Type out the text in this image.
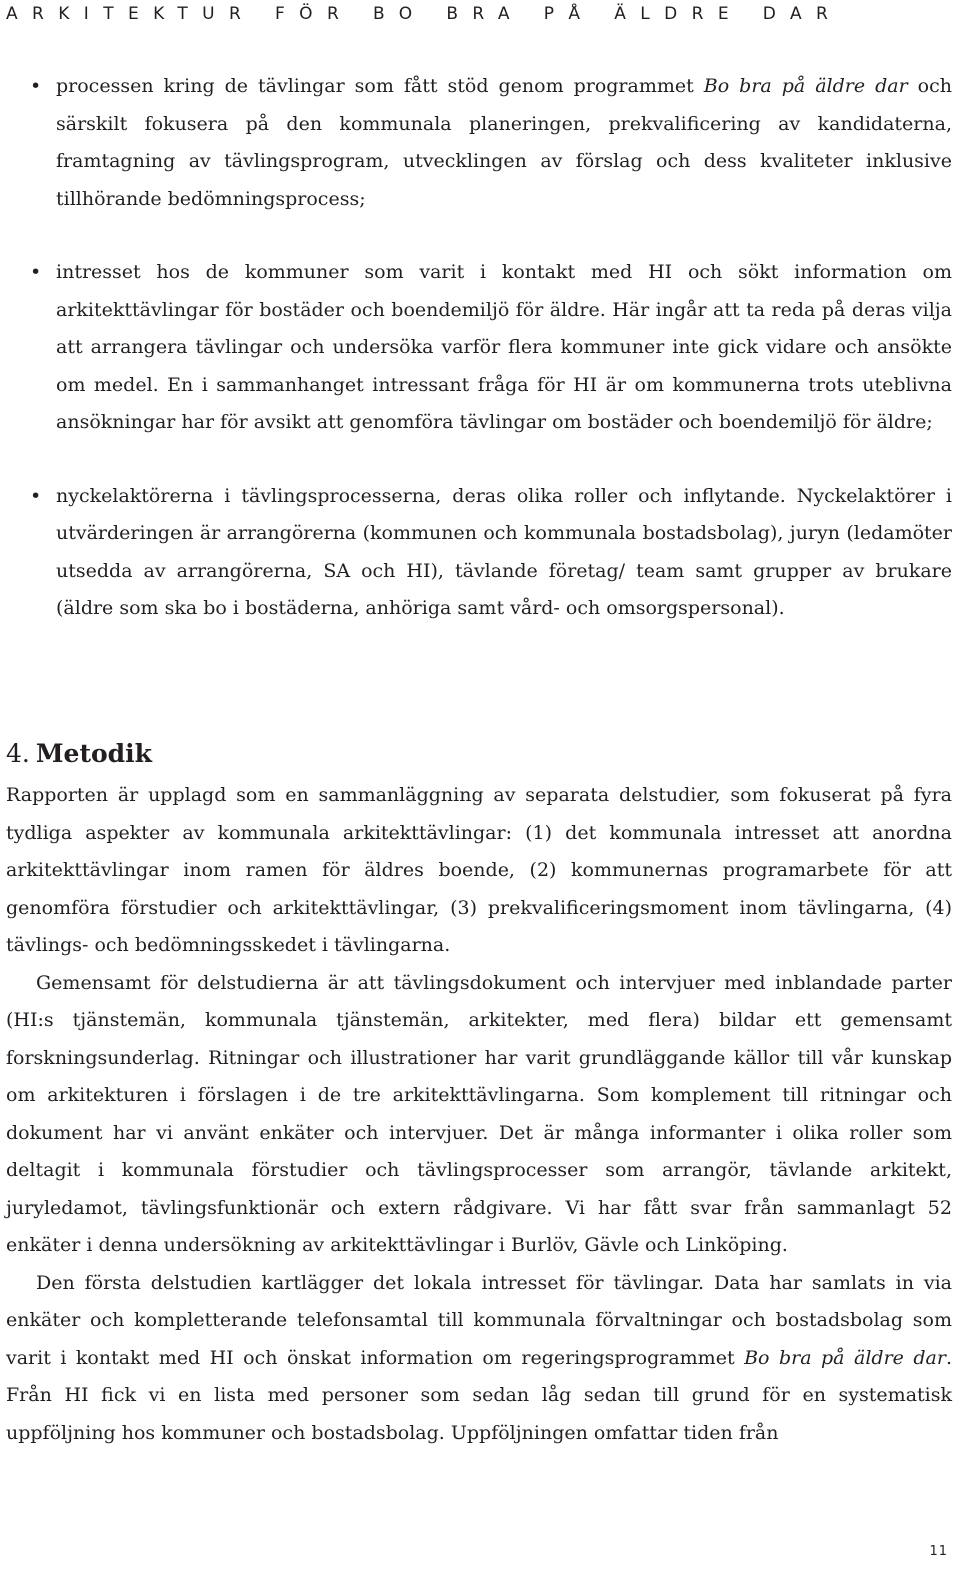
ARKITEKTUR FÖR BO BRA PÅ ÄLDRE DAR
• processen kring de tävlingar som fått stöd genom programmet Bo bra på äldre dar och särskilt fokusera på den kommunala planeringen, prekvalificering av kandidaterna, framtagning av tävlingsprogram, utvecklingen av förslag och dess kvaliteter inklusive tillhörande bedömningsprocess;
• intresset hos de kommuner som varit i kontakt med HI och sökt information om arkitekttävlingar för bostäder och boendemiljö för äldre. Här ingår att ta reda på deras vilja att arrangera tävlingar och undersöka varför flera kommuner inte gick vidare och ansökte om medel. En i sammanhanget intressant fråga för HI är om kommunerna trots uteblivna ansökningar har för avsikt att genomföra tävlingar om bostäder och boendemiljö för äldre;
• nyckelaktörerna i tävlingsprocesserna, deras olika roller och inflytande. Nyckelaktörer i utvärderingen är arrangörerna (kommunen och kommunala bostadsbolag), juryn (ledamöter utsedda av arrangörerna, SA och HI), tävlande företag/ team samt grupper av brukare (äldre som ska bo i bostäderna, anhöriga samt vård- och omsorgspersonal).
4. Metodik

Rapporten är upplagd som en sammanläggning av separata delstudier, som fokuserat på fyra tydliga aspekter av kommunala arkitekttävlingar: (1) det kommunala intresset att anordna arkitekttävlingar inom ramen för äldres boende, (2) kommunernas programarbete för att genomföra förstudier och arkitekttävlingar, (3) prekvalificeringsmoment inom tävlingarna, (4) tävlings- och bedömningsskedet i tävlingarna.

Gemensamt för delstudierna är att tävlingsdokument och intervjuer med inblandade parter (HI:s tjänstemän, kommunala tjänstemän, arkitekter, med flera) bildar ett gemensamt forskningsunderlag. Ritningar och illustrationer har varit grundläggande källor till vår kunskap om arkitekturen i förslagen i de tre arkitekttävlingarna. Som komplement till ritningar och dokument har vi använt enkäter och intervjuer. Det är många informanter i olika roller som deltagit i kommunala förstudier och tävlingsprocesser som arrangör, tävlande arkitekt, juryledamot, tävlingsfunktionär och extern rådgivare. Vi har fått svar från sammanlagt 52 enkäter i denna undersökning av arkitekttävlingar i Burlöv, Gävle och Linköping.

Den första delstudien kartlägger det lokala intresset för tävlingar. Data har samlats in via enkäter och kompletterande telefonsamtal till kommunala förvaltningar och bostadsbolag som varit i kontakt med HI och önskat information om regeringsprogrammet Bo bra på äldre dar. Från HI fick vi en lista med personer som sedan låg sedan till grund för en systematisk uppföljning hos kommuner och bostadsbolag. Uppföljningen omfattar tiden från

11
